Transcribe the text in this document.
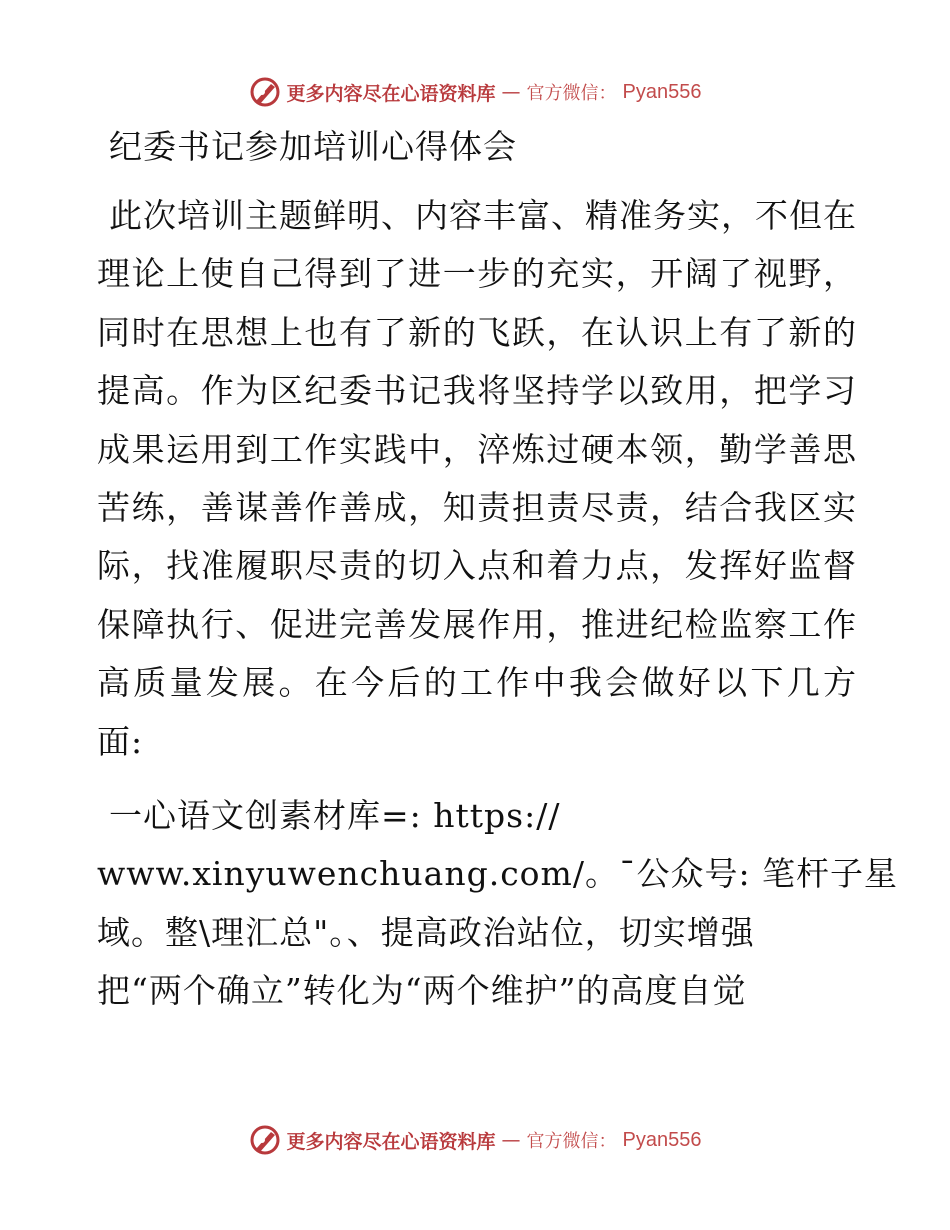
更多内容尽在心语资料库 — 官方微信： Pyan556
纪委书记参加培训心得体会

此次培训主题鲜明、内容丰富、精准务实，不但在理论上使自己得到了进一步的充实，开阔了视野，同时在思想上也有了新的飞跃，在认识上有了新的提高。作为区纪委书记我将坚持学以致用，把学习成果运用到工作实践中，淬炼过硬本领，勤学善思苦练，善谋善作善成，知责担责尽责，结合我区实际，找准履职尽责的切入点和着力点，发挥好监督保障执行、促进完善发展作用，推进纪检监察工作高质量发展。在今后的工作中我会做好以下几方面:

一心语文创素材库=: https://
www.xinyuwenchuang.com/。¯公众号: 笔杆子星
域。整\理汇总"。、提高政治站位，切实增强
把“两个确立”转化为“两个维护”的高度自觉
更多内容尽在心语资料库 — 官方微信： Pyan556
